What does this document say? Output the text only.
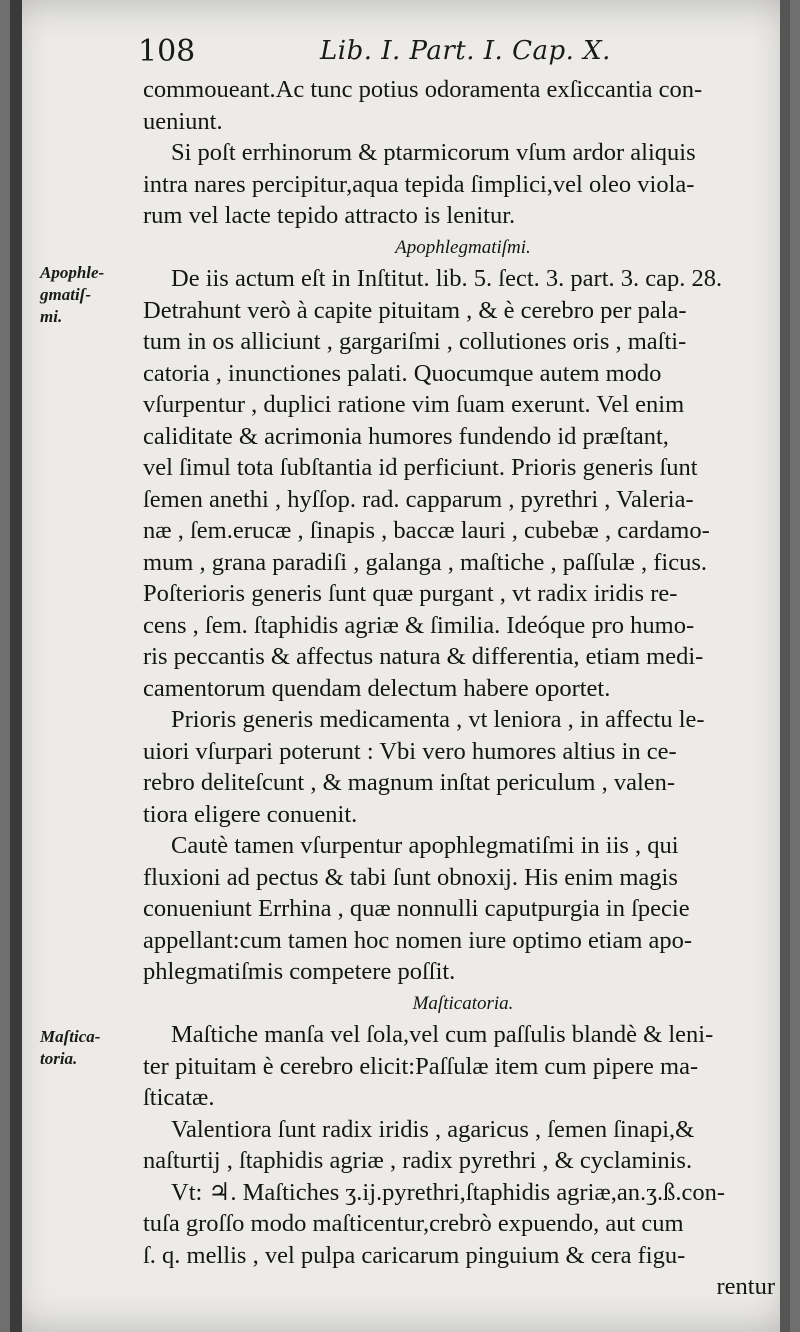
108	Lib. I. Part. I. Cap. X.
Apophle-
gmatiſ-
mi.
Maſtica-
toria.
commoueant.Ac tunc potius odoramenta exſiccantia con-
ueniunt.
Si poſt errhinorum & ptarmicorum vſum ardor aliquis
intra nares percipitur,aqua tepida ſimplici,vel oleo viola-
rum vel lacte tepido attracto is lenitur.
Apophlegmatiſmi.
De iis actum eſt in Inſtitut. lib. 5. ſect. 3. part. 3. cap. 28.
Detrahunt verò à capite pituitam , & è cerebro per pala-
tum in os alliciunt , gargariſmi , collutiones oris , maſti-
catoria , inunctiones palati. Quocumque autem modo
vſurpentur , duplici ratione vim ſuam exerunt. Vel enim
caliditate & acrimonia humores fundendo id præſtant,
vel ſimul tota ſubſtantia id perficiunt. Prioris generis ſunt
ſemen anethi , hyſſop. rad. capparum , pyrethri , Valeria-
næ , ſem.erucæ , ſinapis , baccæ lauri , cubebæ , cardamo-
mum , grana paradiſi , galanga , maſtiche , paſſulæ , ficus.
Poſterioris generis ſunt quæ purgant , vt radix iridis re-
cens , ſem. ſtaphidis agriæ & ſimilia. Ideóque pro humo-
ris peccantis & affectus natura & differentia, etiam medi-
camentorum quendam delectum habere oportet.
Prioris generis medicamenta , vt leniora , in affectu le-
uiori vſurpari poterunt : Vbi vero humores altius in ce-
rebro deliteſcunt , & magnum inſtat periculum , valen-
tiora eligere conuenit.
Cautè tamen vſurpentur apophlegmatiſmi in iis , qui
fluxioni ad pectus & tabi ſunt obnoxij. His enim magis
conueniunt Errhina , quæ nonnulli caputpurgia in ſpecie
appellant:cum tamen hoc nomen iure optimo etiam apo-
phlegmatiſmis competere poſſit.
Maſticatoria.
Maſtiche manſa vel ſola,vel cum paſſulis blandè & leni-
ter pituitam è cerebro elicit:Paſſulæ item cum pipere ma-
ſticatæ.
Valentiora ſunt radix iridis , agaricus , ſemen ſinapi,&
naſturtij , ſtaphidis agriæ , radix pyrethri , & cyclaminis.
Vt: ♃. Maſtiches ʒ.ij.pyrethri,ſtaphidis agriæ,an.ʒ.ß.con-
tuſa groſſo modo maſticentur,crebrò expuendo, aut cum
ſ. q. mellis , vel pulpa caricarum pinguium & cera figu-
rentur
